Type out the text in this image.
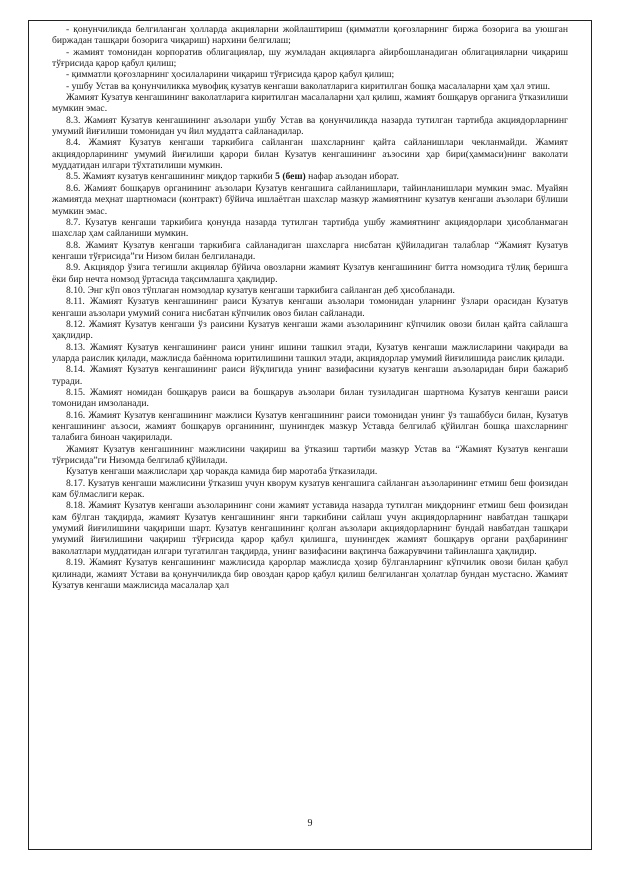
- қонунчиликда белгиланган ҳолларда акцияларни жойлаштириш (қимматли қоғозларнинг биржа бозорига ва уюшган биржадан ташқари бозорига чиқариш) нархини белгилаш;

- жамият томонидан корпоратив облигациялар, шу жумладан акцияларга айирбошланадиган облигацияларни чиқариш тўғрисида қарор қабул қилиш;

- қимматли қоғозларнинг ҳосилаларини чиқариш тўғрисида қарор қабул қилиш;

- ушбу Устав ва қонунчиликка мувофиқ кузатув кенгаши ваколатларига киритилган бошқа масалаларни ҳам ҳал этиш.

Жамият Кузатув кенгашининг ваколатларига киритилган масалаларни ҳал қилиш, жамият бошқарув органига ўтказилиши мумкин эмас.

8.3. Жамият Кузатув кенгашининг аъзолари ушбу Устав ва қонунчиликда назарда тутилган тартибда акциядорларнинг умумий йиғилиши томонидан уч йил муддатга сайланадилар.

8.4. Жамият Кузатув кенгаши таркибига сайланган шахсларнинг қайта сайланишлари чекланмайди. Жамият акциядорларининг умумий йиғилиши қарори билан Кузатув кенгашининг аъзосини ҳар бири(ҳаммаси)нинг ваколати муддатидан илгари тўхтатилиши мумкин.

8.5. Жамият кузатув кенгашининг миқдор таркиби 5 (беш) нафар аъзодан иборат.

8.6. Жамият бошқарув органининг аъзолари Кузатув кенгашига сайланишлари, тайинланишлари мумкин эмас. Муайян жамиятда меҳнат шартномаси (контракт) бўйича ишлаётган шахслар мазкур жамиятнинг кузатув кенгаши аъзолари бўлиши мумкин эмас.

8.7. Кузатув кенгаши таркибига қонунда назарда тутилган тартибда ушбу жамиятнинг акциядорлари ҳисобланмаган шахслар ҳам сайланиши мумкин.

8.8. Жамият Кузатув кенгаши таркибига сайланадиган шахсларга нисбатан қўйиладиган талаблар “Жамият Кузатув кенгаши тўғрисида”ги Низом билан белгиланади.

8.9. Акциядор ўзига тегишли акциялар бўйича овозларни жамият Кузатув кенгашининг битта номзодига тўлиқ беришга ёки бир нечта номзод ўртасида тақсимлашга ҳақлидир.

8.10. Энг кўп овоз тўплаган номзодлар кузатув кенгаши таркибига сайланган деб ҳисобланади.

8.11. Жамият Кузатув кенгашининг раиси Кузатув кенгаши аъзолари томонидан уларнинг ўзлари орасидан Кузатув кенгаши аъзолари умумий сонига нисбатан кўпчилик овоз билан сайланади.

8.12. Жамият Кузатув кенгаши ўз раисини Кузатув кенгаши жами аъзоларининг кўпчилик овози билан қайта сайлашга ҳақлидир.

8.13. Жамият Кузатув кенгашининг раиси унинг ишини ташкил этади, Кузатув кенгаши мажлисларини чақиради ва уларда раислик қилади, мажлисда баённома юритилишини ташкил этади, акциядорлар умумий йиғилишида раислик қилади.

8.14. Жамият Кузатув кенгашининг раиси йўқлигида унинг вазифасини кузатув кенгаши аъзоларидан бири бажариб туради.

8.15. Жамият номидан бошқарув раиси ва бошқарув аъзолари билан тузиладиган шартнома Кузатув кенгаши раиси томонидан имзоланади.

8.16. Жамият Кузатув кенгашининг мажлиси Кузатув кенгашининг раиси томонидан унинг ўз ташаббуси билан, Кузатув кенгашининг аъзоси, жамият бошқарув органининг, шунингдек мазкур Уставда белгилаб қўйилган бошқа шахсларнинг талабига биноан чақирилади.

Жамият Кузатув кенгашининг мажлисини чақириш ва ўтказиш тартиби мазкур Устав ва “Жамият Кузатув кенгаши тўғрисида”ги Низомда белгилаб қўйилади.

Кузатув кенгаши мажлислари ҳар чоракда камида бир маротаба ўтказилади.

8.17. Кузатув кенгаши мажлисини ўтказиш учун кворум кузатув кенгашига сайланган аъзоларининг етмиш беш фоизидан кам бўлмаслиги керак.

8.18. Жамият Кузатув кенгаши аъзоларининг сони жамият уставида назарда тутилган миқдорнинг етмиш беш фоизидан кам бўлган тақдирда, жамият Кузатув кенгашининг янги таркибини сайлаш учун акциядорларнинг навбатдан ташқари умумий йиғилишини чақириши шарт. Кузатув кенгашининг қолган аъзолари акциядорларнинг бундай навбатдан ташқари умумий йиғилишини чақириш тўғрисида қарор қабул қилишга, шунингдек жамият бошқарув органи раҳбарининг ваколатлари муддатидан илгари тугатилган тақдирда, унинг вазифасини вақтинча бажарувчини тайинлашга ҳақлидир.

8.19. Жамият Кузатув кенгашининг мажлисида қарорлар мажлисда ҳозир бўлганларнинг кўпчилик овози билан қабул қилинади, жамият Устави ва қонунчиликда бир овоздан қарор қабул қилиш белгиланган ҳолатлар бундан мустасно. Жамият Кузатув кенгаши мажлисида масалалар ҳал

9
